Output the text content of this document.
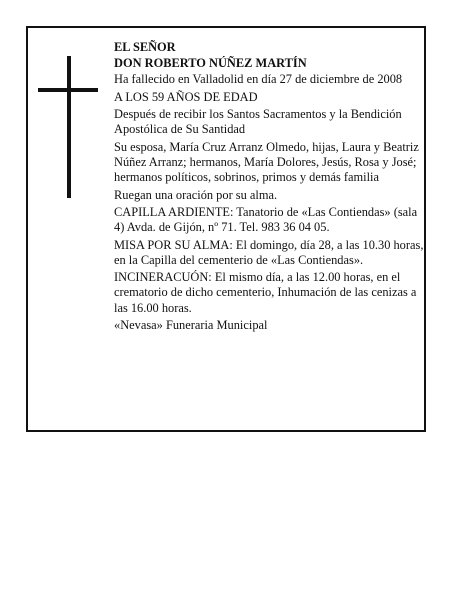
EL SEÑOR

DON ROBERTO NÚÑEZ MARTÍN

Ha fallecido en Valladolid en día 27 de diciembre de 2008

A LOS 59 AÑOS DE EDAD

Después de recibir los Santos Sacramentos y la Bendición Apostólica de Su Santidad

Su esposa, María Cruz Arranz Olmedo, hijas, Laura y Beatriz Núñez Arranz; hermanos, María Dolores, Jesús, Rosa y José; hermanos políticos, sobrinos, primos y demás familia

Ruegan una oración por su alma.

CAPILLA ARDIENTE: Tanatorio de «Las Contiendas» (sala 4) Avda. de Gijón, nº 71. Tel. 983 36 04 05.

MISA POR SU ALMA: El domingo, día 28, a las 10.30 horas, en la Capilla del cementerio de «Las Contiendas».

INCINERACUÓN: El mismo día, a las 12.00 horas, en el crematorio de dicho cementerio, Inhumación de las cenizas a las 16.00 horas.

«Nevasa» Funeraria Municipal
